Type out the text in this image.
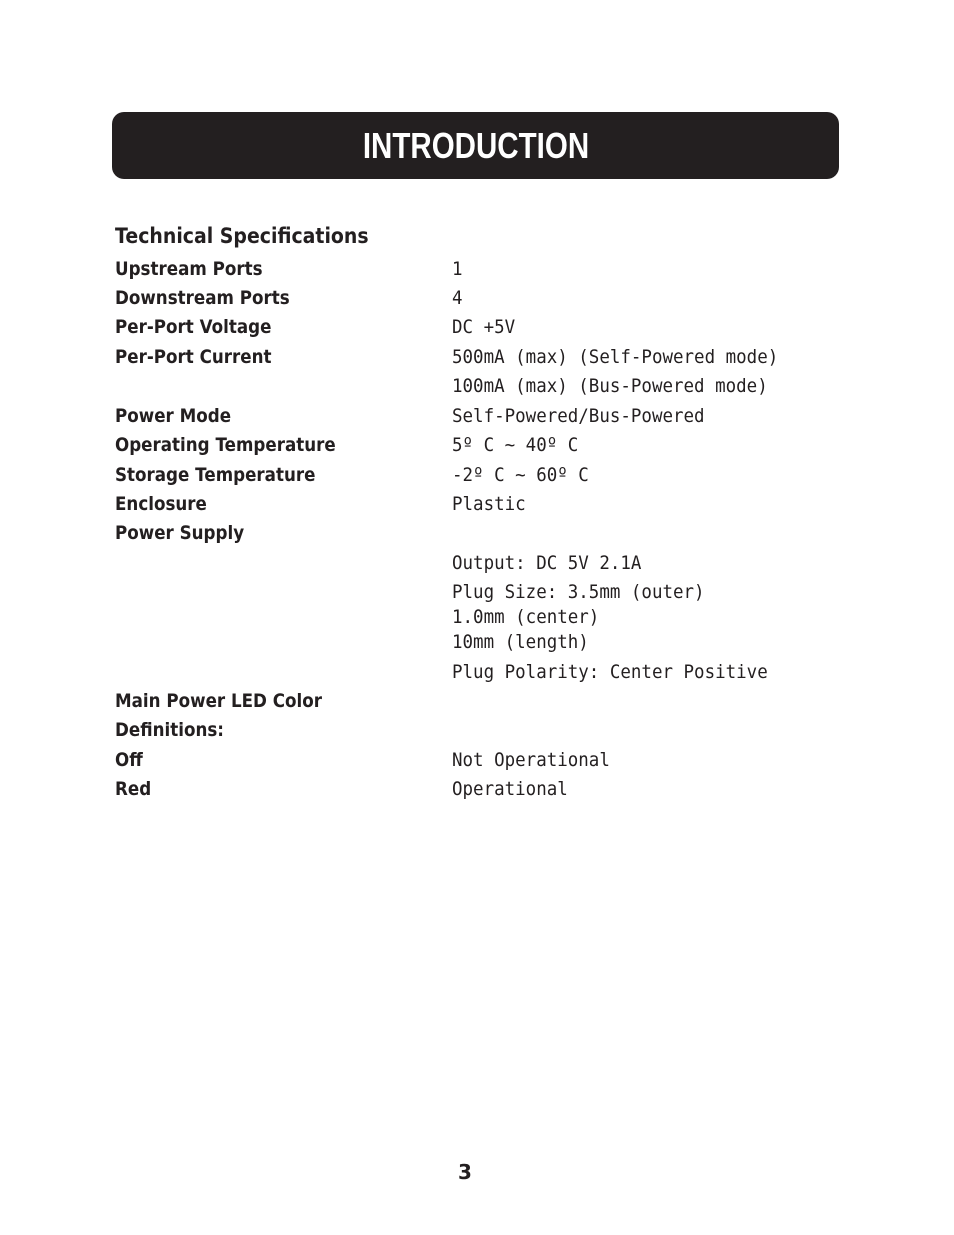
INTRODUCTION
Technical Specifications
Upstream Ports	1
Downstream Ports	4
Per-Port Voltage	DC +5V
Per-Port Current	500mA (max) (Self-Powered mode)
100mA (max) (Bus-Powered mode)
Power Mode	Self-Powered/Bus-Powered
Operating Temperature	5º C ~ 40º C
Storage Temperature	-2º C ~ 60º C
Enclosure	Plastic
Power Supply
Output: DC 5V 2.1A
Plug Size: 3.5mm (outer)
1.0mm (center)
10mm (length)
Plug Polarity: Center Positive
Main Power LED Color
Definitions:
Off	Not Operational
Red	Operational
3
